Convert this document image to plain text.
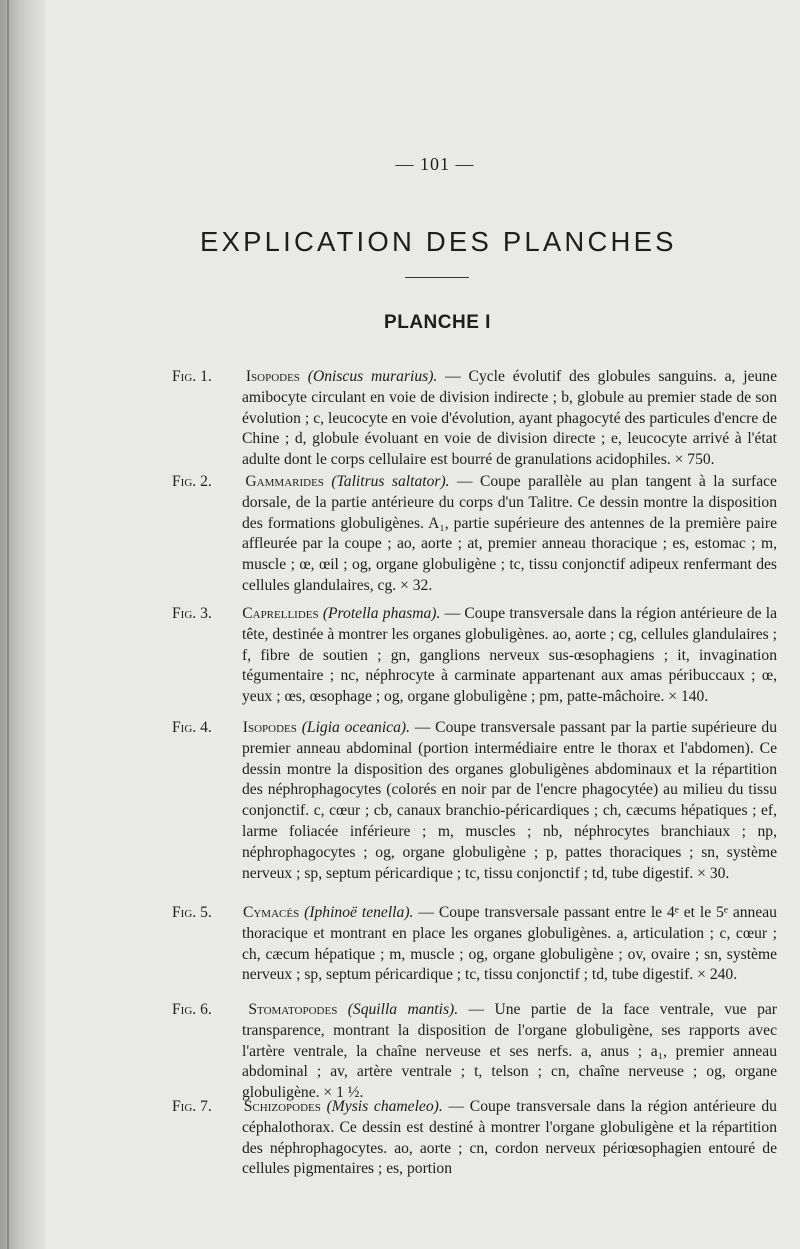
— 101 —
EXPLICATION DES PLANCHES
PLANCHE I
Fig. 1. Isopodes (Oniscus murarius). — Cycle évolutif des globules sanguins. a, jeune amibocyte circulant en voie de division indirecte ; b, globule au premier stade de son évolution ; c, leucocyte en voie d'évolution, ayant phagocyté des particules d'encre de Chine ; d, globule évoluant en voie de division directe ; e, leucocyte arrivé à l'état adulte dont le corps cellulaire est bourré de granulations acidophiles. × 750.
Fig. 2. Gammarides (Talitrus saltator). — Coupe parallèle au plan tangent à la surface dorsale, de la partie antérieure du corps d'un Talitre. Ce dessin montre la disposition des formations globuligènes. A₁, partie supérieure des antennes de la première paire affleurée par la coupe ; ao, aorte ; at, premier anneau thoracique ; es, estomac ; m, muscle ; œ, œil ; og, organe globuligène ; tc, tissu conjonctif adipeux renfermant des cellules glandulaires, cg. × 32.
Fig. 3. Caprellides (Protella phasma). — Coupe transversale dans la région antérieure de la tête, destinée à montrer les organes globuligènes. ao, aorte ; cg, cellules glandulaires ; f, fibre de soutien ; gn, ganglions nerveux sus-œsophagiens ; it, invagination tégumentaire ; nc, néphrocyte à carminate appartenant aux amas péribuccaux ; œ, yeux ; œs, œsophage ; og, organe globuligène ; pm, patte-mâchoire. × 140.
Fig. 4. Isopodes (Ligia oceanica). — Coupe transversale passant par la partie supérieure du premier anneau abdominal (portion intermédiaire entre le thorax et l'abdomen). Ce dessin montre la disposition des organes globuligènes abdominaux et la répartition des néphrophagocytes (colorés en noir par de l'encre phagocytée) au milieu du tissu conjonctif. c, cœur ; cb, canaux branchio-péricardiques ; ch, cæcums hépatiques ; ef, larme foliacée inférieure ; m, muscles ; nb, néphrocytes branchiaux ; np, néphrophagocytes ; og, organe globuligène ; p, pattes thoraciques ; sn, système nerveux ; sp, septum péricardique ; tc, tissu conjonctif ; td, tube digestif. × 30.
Fig. 5. Cymacés (Iphinoë tenella). — Coupe transversale passant entre le 4ᵉ et le 5ᵉ anneau thoracique et montrant en place les organes globuligènes. a, articulation ; c, cœur ; ch, cæcum hépatique ; m, muscle ; og, organe globuligène ; ov, ovaire ; sn, système nerveux ; sp, septum péricardique ; tc, tissu conjonctif ; td, tube digestif. × 240.
Fig. 6. Stomatopodes (Squilla mantis). — Une partie de la face ventrale, vue par transparence, montrant la disposition de l'organe globuligène, ses rapports avec l'artère ventrale, la chaîne nerveuse et ses nerfs. a, anus ; a₁, premier anneau abdominal ; av, artère ventrale ; t, telson ; cn, chaîne nerveuse ; og, organe globuligène. × 1 ½.
Fig. 7. Schizopodes (Mysis chameleo). — Coupe transversale dans la région antérieure du céphalothorax. Ce dessin est destiné à montrer l'organe globuligène et la répartition des néphrophagocytes. ao, aorte ; cn, cordon nerveux périœsophagien entouré de cellules pigmentaires ; es, portion
